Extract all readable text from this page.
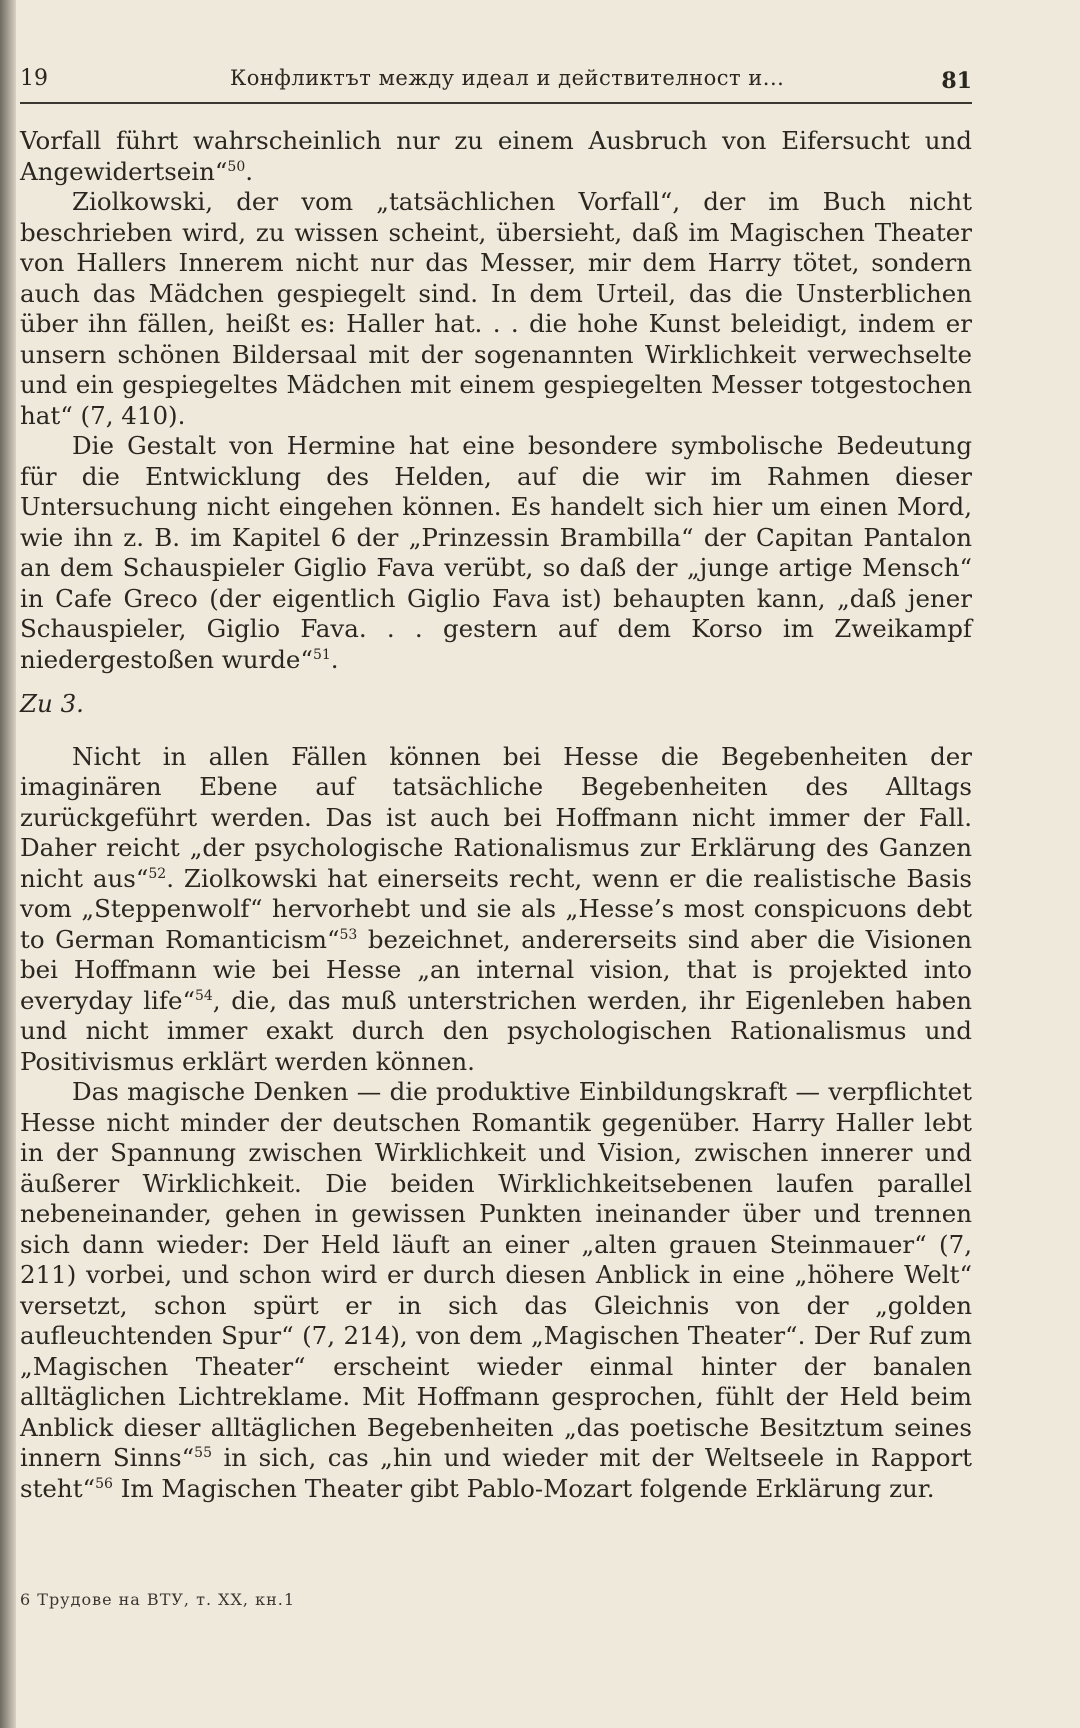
19	Конфликтът между идеал и действителност и...	81

Vorfall führt wahrscheinlich nur zu einem Ausbruch von Eifersucht und Angewidertsein“$^{50}$.

Ziolkowski, der vom „tatsächlichen Vorfall“, der im Buch nicht beschrieben wird, zu wissen scheint, übersieht, daß im Magischen Theater von Hallers Innerem nicht nur das Messer, mir dem Harry tötet, sondern auch das Mädchen gespiegelt sind. In dem Urteil, das die Unsterblichen über ihn fällen, heißt es: Haller hat. . . die hohe Kunst beleidigt, indem er unsern schönen Bildersaal mit der sogenannten Wirklichkeit verwechselte und ein gespiegeltes Mädchen mit einem gespiegelten Messer totgestochen hat“ (7, 410).

Die Gestalt von Hermine hat eine besondere symbolische Bedeutung für die Entwicklung des Helden, auf die wir im Rahmen dieser Untersuchung nicht eingehen können. Es handelt sich hier um einen Mord, wie ihn z. B. im Kapitel 6 der „Prinzessin Brambilla“ der Capitan Pantalon an dem Schauspieler Giglio Fava verübt, so daß der „junge artige Mensch“ in Cafe Greco (der eigentlich Giglio Fava ist) behaupten kann, „daß jener Schauspieler, Giglio Fava. . . gestern auf dem Korso im Zweikampf niedergestoßen wurde“$^{51}$.

Zu 3.

Nicht in allen Fällen können bei Hesse die Begebenheiten der imaginären Ebene auf tatsächliche Begebenheiten des Alltags zurückgeführt werden. Das ist auch bei Hoffmann nicht immer der Fall. Daher reicht „der psychologische Rationalismus zur Erklärung des Ganzen nicht aus“$^{52}$. Ziolkowski hat einerseits recht, wenn er die realistische Basis vom „Steppenwolf“ hervorhebt und sie als „Hesse’s most conspicuons debt to German Romanticism“$^{53}$ bezeichnet, andererseits sind aber die Visionen bei Hoffmann wie bei Hesse „an internal vision, that is projekted into everyday life“$^{54}$, die, das muß unterstrichen werden, ihr Eigenleben haben und nicht immer exakt durch den psychologischen Rationalismus und Positivismus erklärt werden können.

Das magische Denken — die produktive Einbildungskraft — verpflichtet Hesse nicht minder der deutschen Romantik gegenüber. Harry Haller lebt in der Spannung zwischen Wirklichkeit und Vision, zwischen innerer und äußerer Wirklichkeit. Die beiden Wirklichkeitsebenen laufen parallel nebeneinander, gehen in gewissen Punkten ineinander über und trennen sich dann wieder: Der Held läuft an einer „alten grauen Steinmauer“ (7, 211) vorbei, und schon wird er durch diesen Anblick in eine „höhere Welt“ versetzt, schon spürt er in sich das Gleichnis von der „golden aufleuchtenden Spur“ (7, 214), von dem „Magischen Theater“. Der Ruf zum „Magischen Theater“ erscheint wieder einmal hinter der banalen alltäglichen Lichtreklame. Mit Hoffmann gesprochen, fühlt der Held beim Anblick dieser alltäglichen Begebenheiten „das poetische Besitztum seines innern Sinns“$^{55}$ in sich, cas „hin und wieder mit der Weltseele in Rapport steht“$^{56}$ Im Magischen Theater gibt Pablo-Mozart folgende Erklärung zur.

6 Трудове на ВТУ, т. XX, кн.1
